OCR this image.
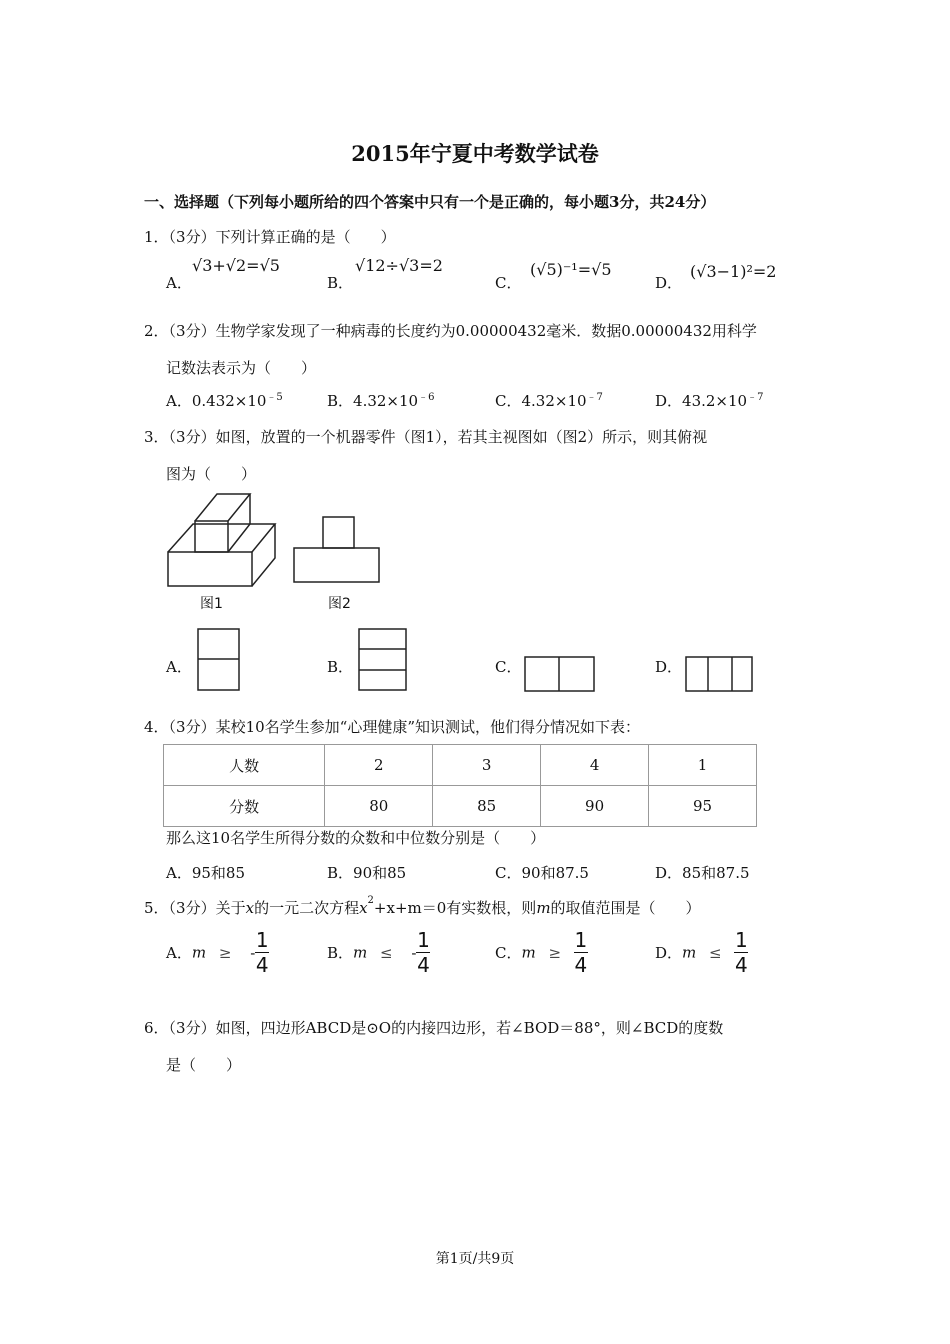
2015年宁夏中考数学试卷
一、选择题（下列每小题所给的四个答案中只有一个是正确的，每小题3分，共24分）
1．（3分）下列计算正确的是（　　）
A．
√3+√2=√5
B．
√12÷√3=2
C．
(√5)⁻¹=√5
D．
(√3−1)²=2
2．（3分）生物学家发现了一种病毒的长度约为0.00000432毫米．数据0.00000432用科学
记数法表示为（　　）
A．$0.432\times 10^{﹣5}$	B．$4.32\times 10^{﹣6}$	C．$4.32\times 10^{﹣7}$	D．$43.2\times 10^{﹣7}$
3．（3分）如图，放置的一个机器零件（图1），若其主视图如（图2）所示，则其俯视
图为（　　）
图1	图2
A．	B．	C．	D．
4．（3分）某校10名学生参加“心理健康”知识测试，他们得分情况如下表：
人数	2	3	4	1
分数	80	85	90	95
那么这10名学生所得分数的众数和中位数分别是（　　）
A．95和85	B．90和85	C．90和87.5	D．85和87.5
5．（3分）关于x的一元二次方程$x^2+x+m=0$有实数根，则m的取值范围是（　　）
A．m ≥ - $\frac{1}{4}$	B．m ≤ - $\frac{1}{4}$	C．$m \ge \frac{1}{4}$	D．$m \le \frac{1}{4}$
6．（3分）如图，四边形ABCD是⊙O的内接四边形，若∠BOD＝88°，则∠BCD的度数
是（　　）
第1页/共9页
